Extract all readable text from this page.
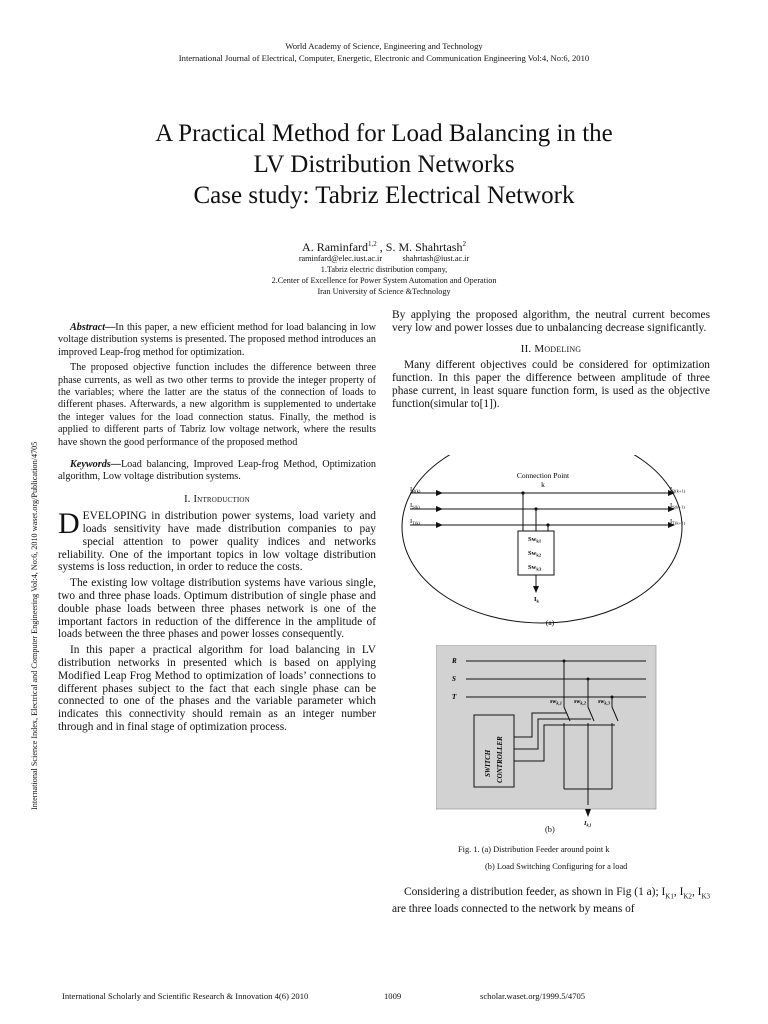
World Academy of Science, Engineering and Technology
International Journal of Electrical, Computer, Energetic, Electronic and Communication Engineering Vol:4, No:6, 2010
A Practical Method for Load Balancing in the
LV Distribution Networks
Case study: Tabriz Electrical Network
A. Raminfard$^{1,2}$ , S. M. Shahrtash$^2$
raminfard@elec.iust.ac.ir          shahrtash@iust.ac.ir
1.Tabriz electric distribution company,
2.Center of Excellence for Power System Automation and Operation
Iran University of Science &Technology
International Science Index, Electrical and Computer Engineering Vol:4, No:6, 2010 waset.org/Publication/4705

Abstract—In this paper, a new efficient method for load balancing in low voltage distribution systems is presented. The proposed method introduces an improved Leap-frog method for optimization.

The proposed objective function includes the difference between three phase currents, as well as two other terms to provide the integer property of the variables; where the latter are the status of the connection of loads to different phases. Afterwards, a new algorithm is supplemented to undertake the integer values for the load connection status. Finally, the method is applied to different parts of Tabriz low voltage network, where the results have shown the good performance of the proposed method

Keywords—Load balancing, Improved Leap-frog Method, Optimization algorithm, Low voltage distribution systems.

I. Introduction

DEVELOPING in distribution power systems, load variety and loads sensitivity have made distribution companies to pay special attention to power quality indices and networks reliability. One of the important topics in low voltage distribution systems is loss reduction, in order to reduce the costs.

The existing low voltage distribution systems have various single, two and three phase loads. Optimum distribution of single phase and double phase loads between three phases network is one of the important factors in reduction of the difference in the amplitude of loads between the three phases and power losses consequently.

In this paper a practical algorithm for load balancing in LV distribution networks in presented which is based on applying Modified Leap Frog Method to optimization of loads’ connections to different phases subject to the fact that each single phase can be connected to one of the phases and the variable parameter which indicates this connectivity should remain as an integer number through and in final stage of optimization process.

By applying the proposed algorithm, the neutral current becomes very low and power losses due to unbalancing decrease significantly.

II. Modeling

Many different objectives could be considered for optimization function. In this paper the difference between amplitude of three phase current, in least square function form, is used as the objective function(simular to[1]).

Connection Point
k
$Sw_{k1}$
$Sw_{k2}$
$Sw_{k3}$
$I_k$
$I_{R(k)}$
$I_{S(k)}$
$I_{T(k)}$
$I_{R(k+1)}$
$I_{S(k+1)}$
$I_{T(k+1)}$
(a)
R
S
T
$sw_{k,1}$ $sw_{k,2}$ $sw_{k,3}$
SWITCH CONTROLLER
$I_{k,l}$
(b)
Fig. 1. (a) Distribution Feeder around point k
(b) Load Switching Configuring for a load

Considering a distribution feeder, as shown in Fig (1 a); $I_{K1}$, $I_{K2}$, $I_{K3}$ are three loads connected to the network by means of

International Scholarly and Scientific Research & Innovation 4(6) 2010	1009	scholar.waset.org/1999.5/4705
